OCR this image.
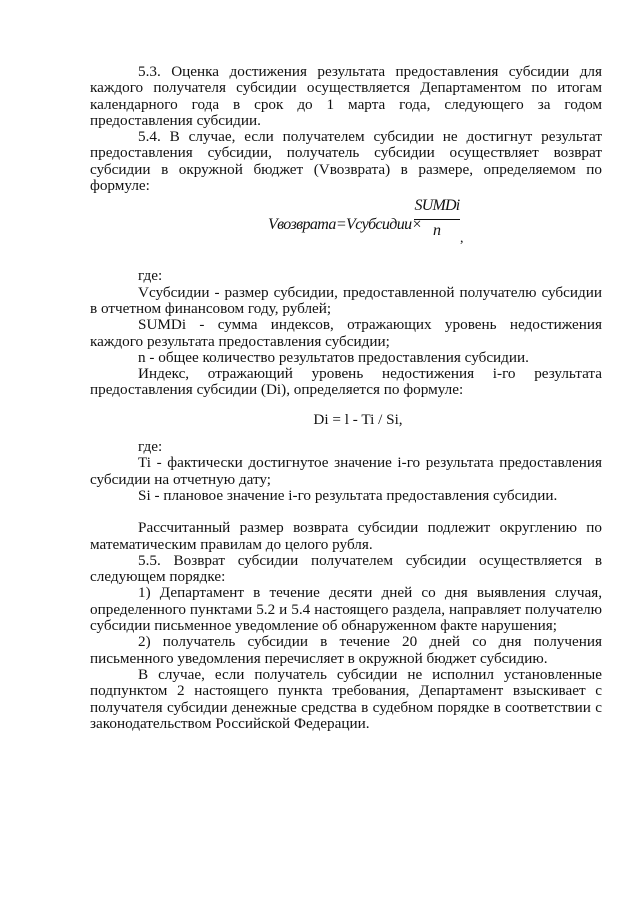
5.3. Оценка достижения результата предоставления субсидии для каждого получателя субсидии осуществляется Департаментом по итогам календарного года в срок до 1 марта года, следующего за годом предоставления субсидии.

5.4. В случае, если получателем субсидии не достигнут результат предоставления субсидии, получатель субсидии осуществляет возврат субсидии в окружной бюджет (Vвозврата) в размере, определяемом по формуле:

Vвозврата=Vсубсидии×
SUMDi
n	,

где:

Vсубсидии - размер субсидии, предоставленной получателю субсидии в отчетном финансовом году, рублей;

SUMDi - сумма индексов, отражающих уровень недостижения каждого результата предоставления субсидии;

n - общее количество результатов предоставления субсидии.

Индекс, отражающий уровень недостижения i-го результата предоставления субсидии (Di), определяется по формуле:

Di = l - Ti / Si,

где:

Ti - фактически достигнутое значение i-го результата предоставления субсидии на отчетную дату;

Si - плановое значение i-го результата предоставления субсидии.

Рассчитанный размер возврата субсидии подлежит округлению по математическим правилам до целого рубля.

5.5. Возврат субсидии получателем субсидии осуществляется в следующем порядке:

1) Департамент в течение десяти дней со дня выявления случая, определенного пунктами 5.2 и 5.4 настоящего раздела, направляет получателю субсидии письменное уведомление об обнаруженном факте нарушения;

2) получатель субсидии в течение 20 дней со дня получения письменного уведомления перечисляет в окружной бюджет субсидию.

В случае, если получатель субсидии не исполнил установленные подпунктом 2 настоящего пункта требования, Департамент взыскивает с получателя субсидии денежные средства в судебном порядке в соответствии с законодательством Российской Федерации.
